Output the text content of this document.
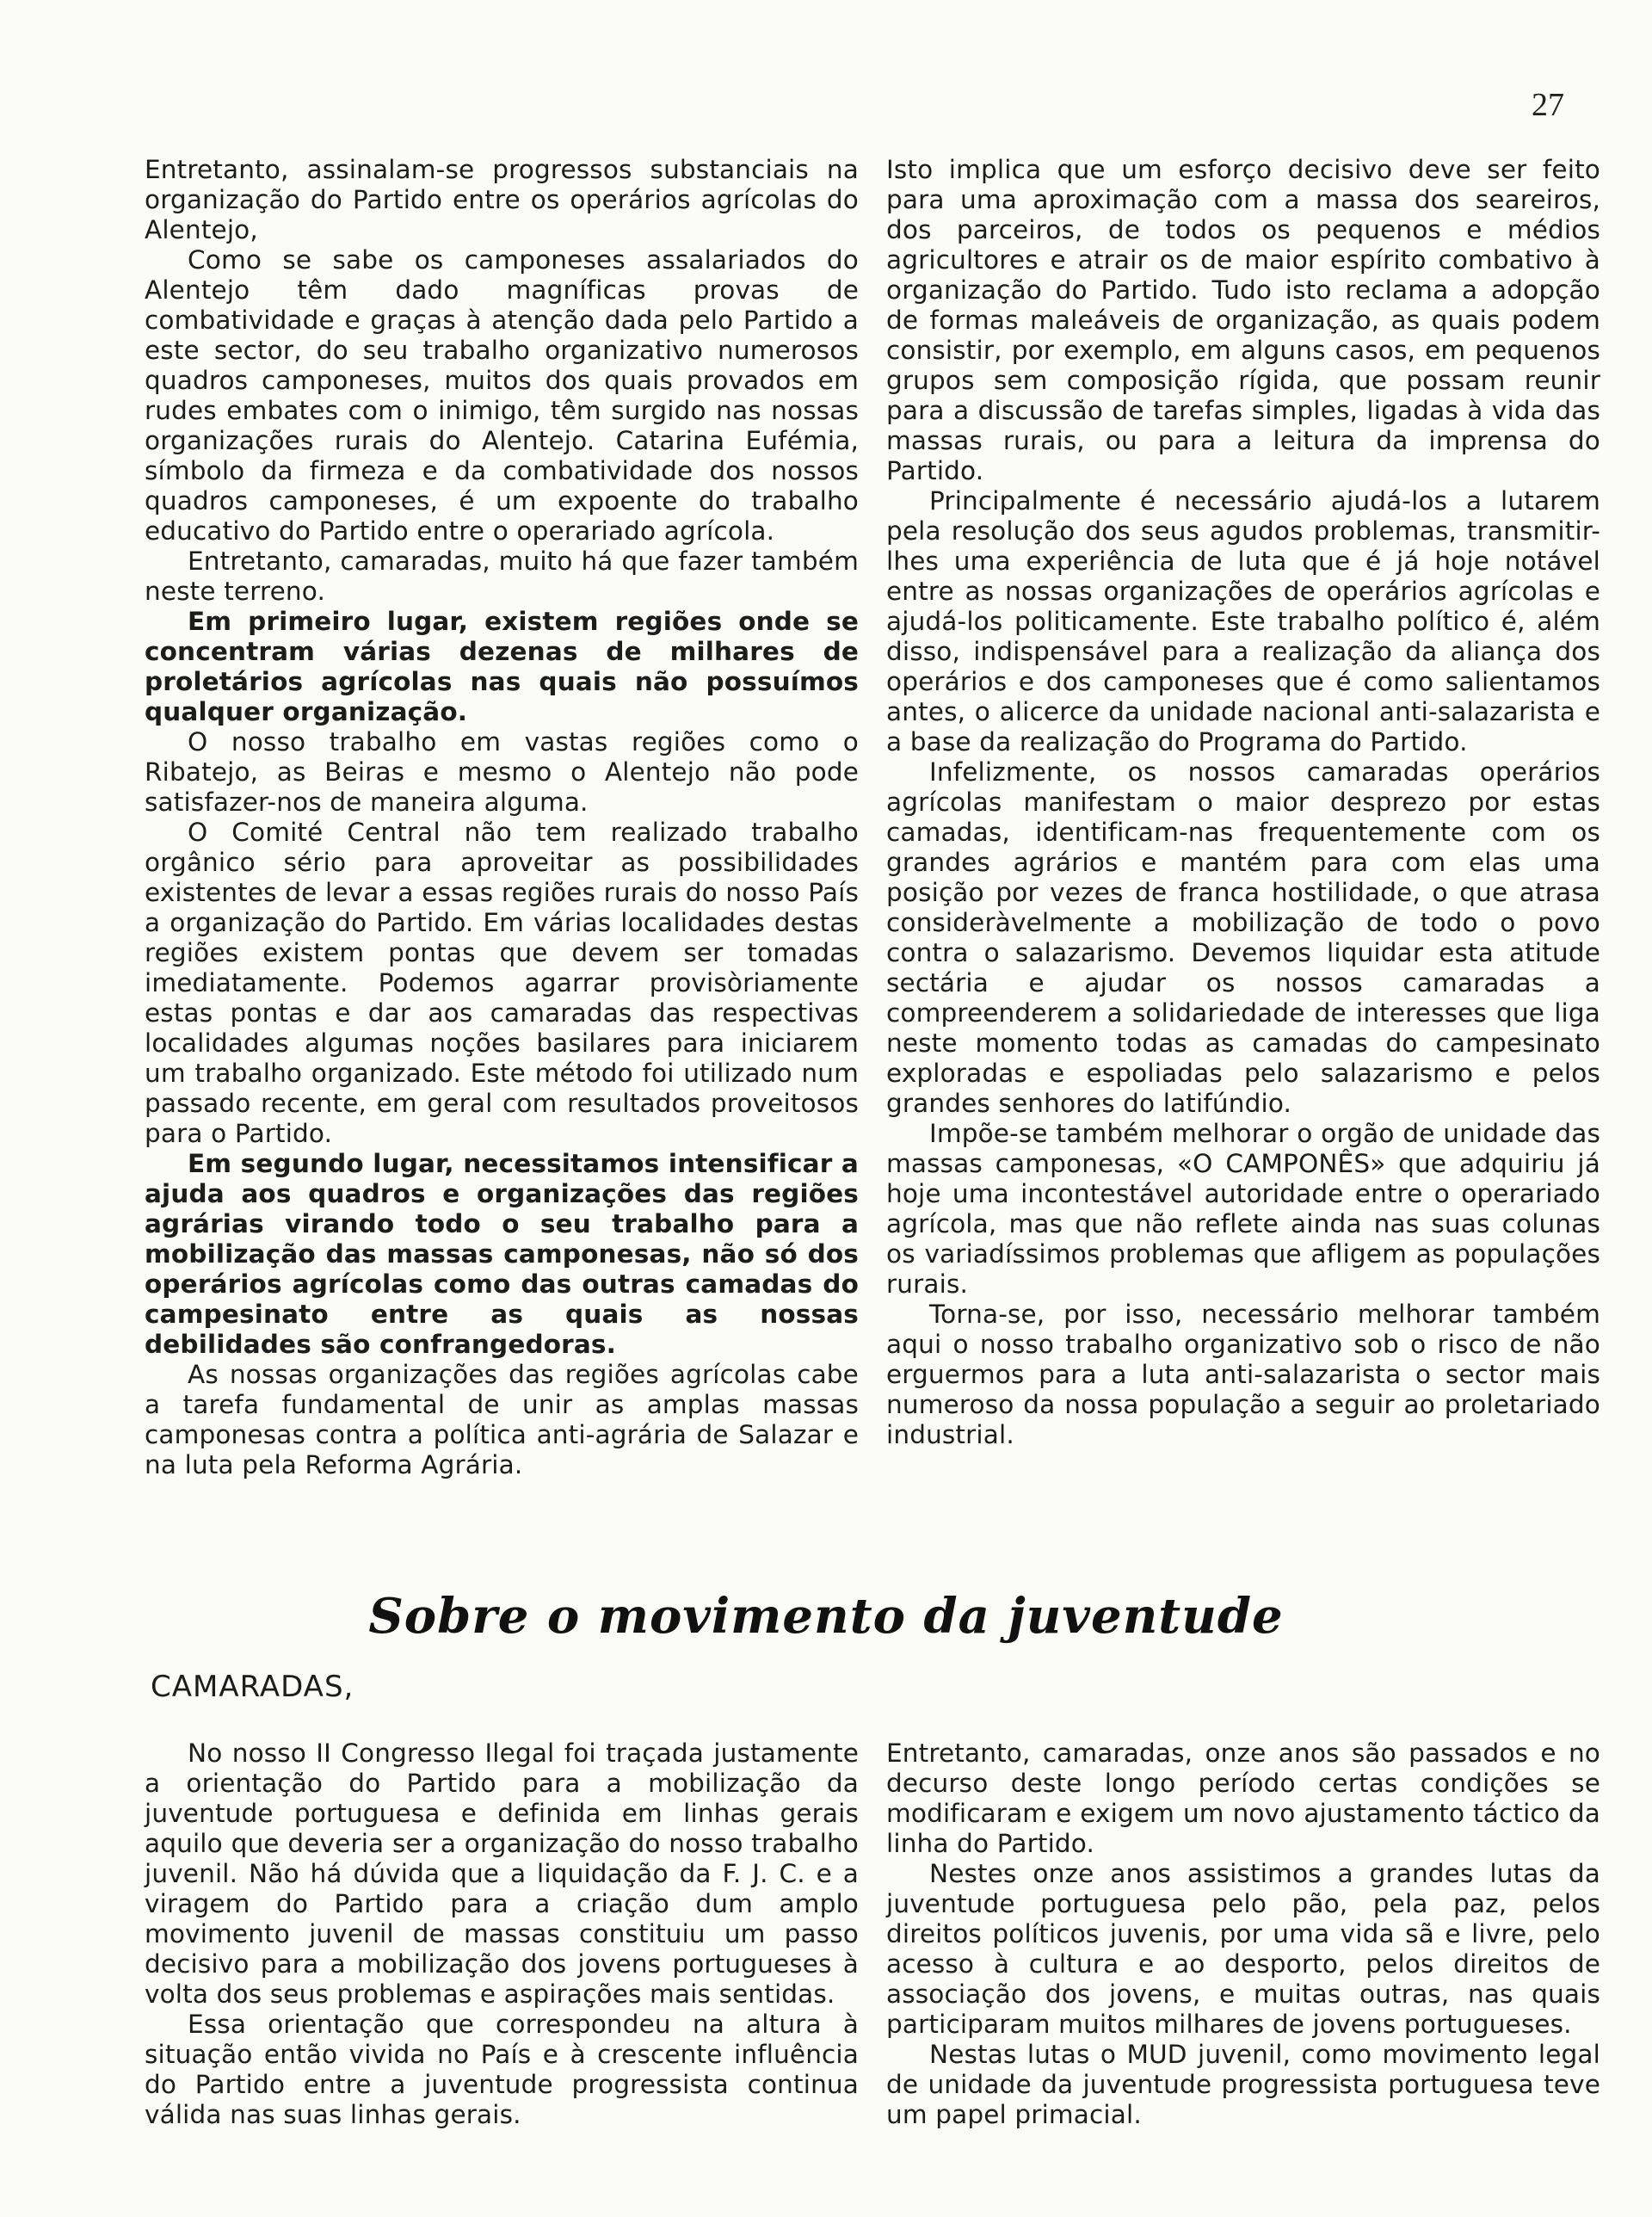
27

Entretanto, assinalam-se progressos substanciais na organização do Partido entre os operários agrícolas do Alentejo,

Como se sabe os camponeses assalariados do Alentejo têm dado magníficas provas de combatividade e graças à atenção dada pelo Partido a este sector, do seu trabalho organizativo numerosos quadros camponeses, muitos dos quais provados em rudes embates com o inimigo, têm surgido nas nossas organizações rurais do Alentejo. Catarina Eufémia, símbolo da firmeza e da combatividade dos nossos quadros camponeses, é um expoente do trabalho educativo do Partido entre o operariado agrícola.

Entretanto, camaradas, muito há que fazer também neste terreno.

Em primeiro lugar, existem regiões onde se concentram várias dezenas de milhares de proletários agrícolas nas quais não possuímos qualquer organização.

O nosso trabalho em vastas regiões como o Ribatejo, as Beiras e mesmo o Alentejo não pode satisfazer-nos de maneira alguma.

O Comité Central não tem realizado trabalho orgânico sério para aproveitar as possibilidades existentes de levar a essas regiões rurais do nosso País a organização do Partido. Em várias localidades destas regiões existem pontas que devem ser tomadas imediatamente. Podemos agarrar provisòriamente estas pontas e dar aos camaradas das respectivas localidades algumas noções basilares para iniciarem um trabalho organizado. Este método foi utilizado num passado recente, em geral com resultados proveitosos para o Partido.

Em segundo lugar, necessitamos intensificar a ajuda aos quadros e organizações das regiões agrárias virando todo o seu trabalho para a mobilização das massas camponesas, não só dos operários agrícolas como das outras camadas do campesinato entre as quais as nossas debilidades são confrangedoras.

As nossas organizações das regiões agrícolas cabe a tarefa fundamental de unir as amplas massas camponesas contra a política anti-agrária de Salazar e na luta pela Reforma Agrária.

Isto implica que um esforço decisivo deve ser feito para uma aproximação com a massa dos seareiros, dos parceiros, de todos os pequenos e médios agricultores e atrair os de maior espírito combativo à organização do Partido. Tudo isto reclama a adopção de formas maleáveis de organização, as quais podem consistir, por exemplo, em alguns casos, em pequenos grupos sem composição rígida, que possam reunir para a discussão de tarefas simples, ligadas à vida das massas rurais, ou para a leitura da imprensa do Partido.

Principalmente é necessário ajudá-los a lutarem pela resolução dos seus agudos problemas, transmitir-lhes uma experiência de luta que é já hoje notável entre as nossas organizações de operários agrícolas e ajudá-los politicamente. Este trabalho político é, além disso, indispensável para a realização da aliança dos operários e dos camponeses que é como salientamos antes, o alicerce da unidade nacional anti-salazarista e a base da realização do Programa do Partido.

Infelizmente, os nossos camaradas operários agrícolas manifestam o maior desprezo por estas camadas, identificam-nas frequentemente com os grandes agrários e mantém para com elas uma posição por vezes de franca hostilidade, o que atrasa consideràvelmente a mobilização de todo o povo contra o salazarismo. Devemos liquidar esta atitude sectária e ajudar os nossos camaradas a compreenderem a solidariedade de interesses que liga neste momento todas as camadas do campesinato exploradas e espoliadas pelo salazarismo e pelos grandes senhores do latifúndio.

Impõe-se também melhorar o orgão de unidade das massas camponesas, «O CAMPONÊS» que adquiriu já hoje uma incontestável autoridade entre o operariado agrícola, mas que não reflete ainda nas suas colunas os variadíssimos problemas que afligem as populações rurais.

Torna-se, por isso, necessário melhorar também aqui o nosso trabalho organizativo sob o risco de não erguermos para a luta anti-salazarista o sector mais numeroso da nossa população a seguir ao proletariado industrial.

Sobre o movimento da juventude
CAMARADAS,

No nosso II Congresso Ilegal foi traçada justamente a orientação do Partido para a mobilização da juventude portuguesa e definida em linhas gerais aquilo que deveria ser a organização do nosso trabalho juvenil. Não há dúvida que a liquidação da F. J. C. e a viragem do Partido para a criação dum amplo movimento juvenil de massas constituiu um passo decisivo para a mobilização dos jovens portugueses à volta dos seus problemas e aspirações mais sentidas.

Essa orientação que correspondeu na altura à situação então vivida no País e à crescente influência do Partido entre a juventude progressista continua válida nas suas linhas gerais.

Entretanto, camaradas, onze anos são passados e no decurso deste longo período certas condições se modificaram e exigem um novo ajustamento táctico da linha do Partido.

Nestes onze anos assistimos a grandes lutas da juventude portuguesa pelo pão, pela paz, pelos direitos políticos juvenis, por uma vida sã e livre, pelo acesso à cultura e ao desporto, pelos direitos de associação dos jovens, e muitas outras, nas quais participaram muitos milhares de jovens portugueses.

Nestas lutas o MUD juvenil, como movimento legal de unidade da juventude progressista portuguesa teve um papel primacial.
